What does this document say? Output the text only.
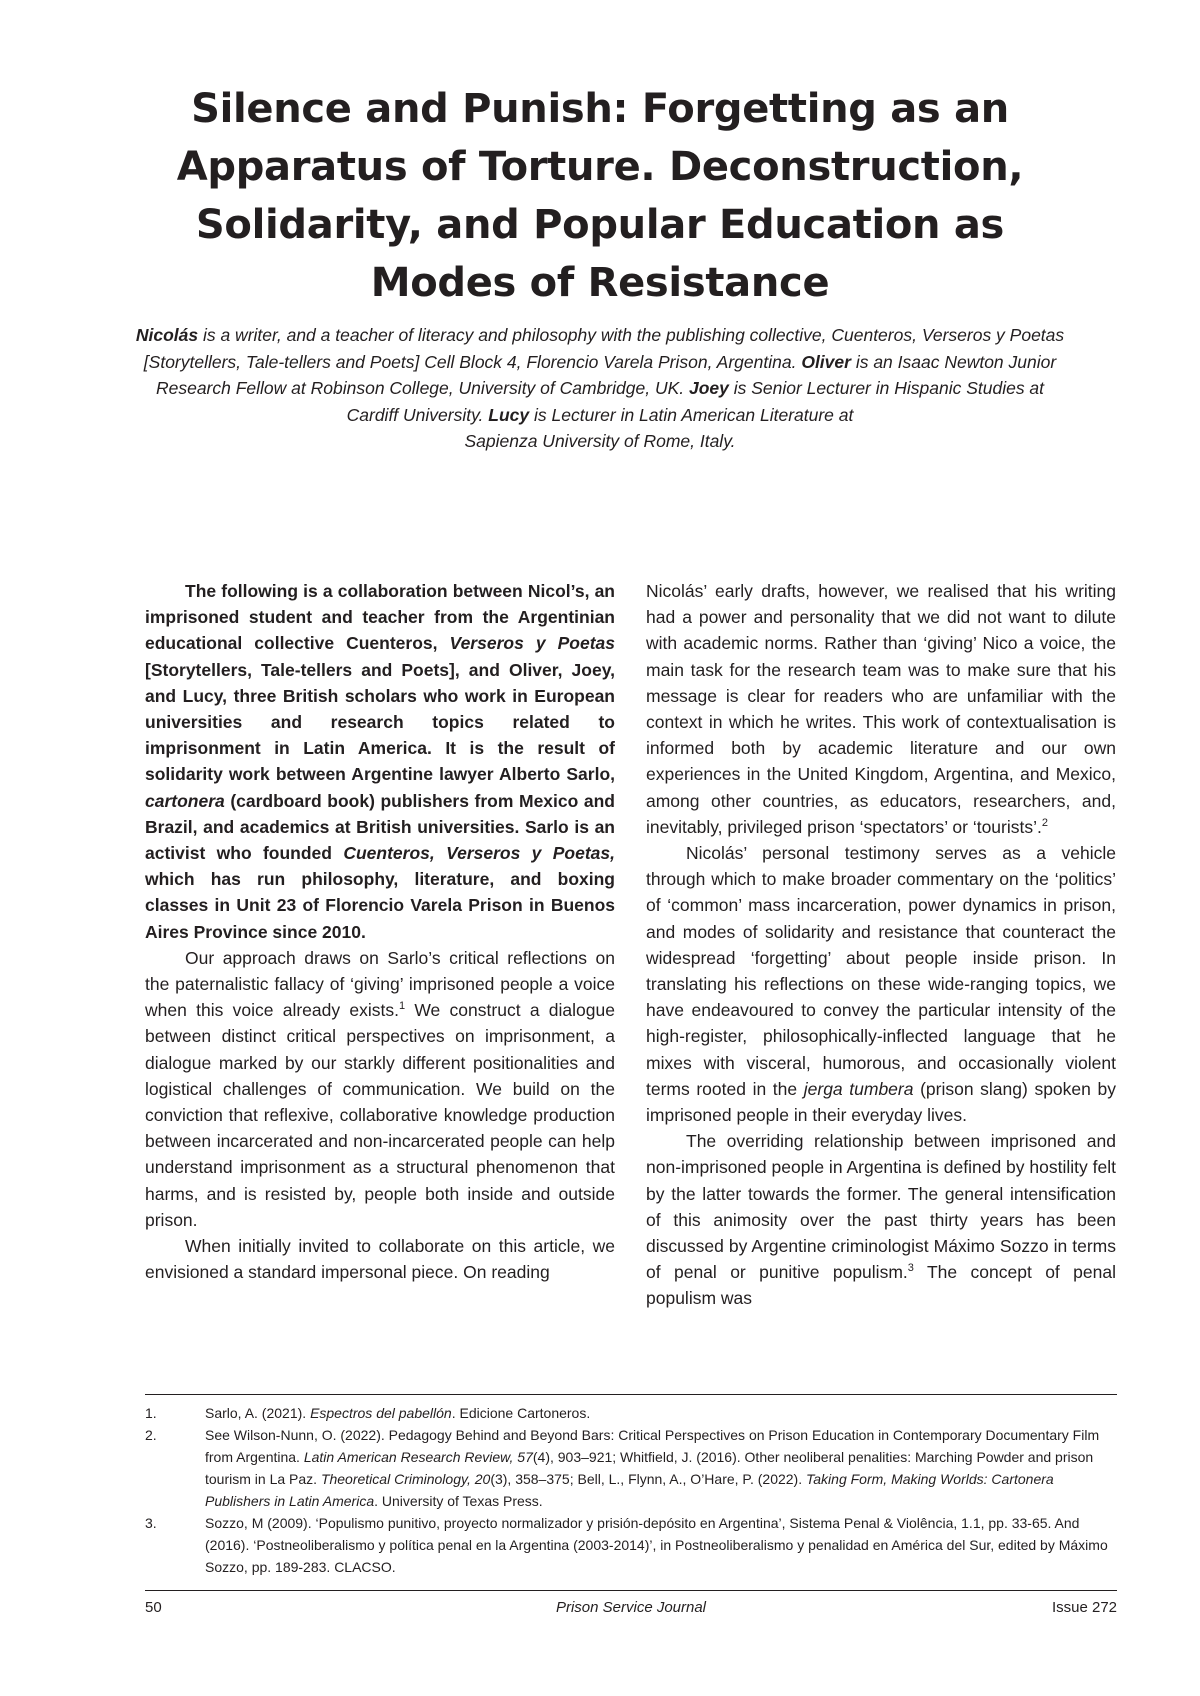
Silence and Punish: Forgetting as an
Apparatus of Torture. Deconstruction,
Solidarity, and Popular Education as
Modes of Resistance
Nicolás is a writer, and a teacher of literacy and philosophy with the publishing collective, Cuenteros, Verseros y Poetas [Storytellers, Tale-tellers and Poets] Cell Block 4, Florencio Varela Prison, Argentina. Oliver is an Isaac Newton Junior Research Fellow at Robinson College, University of Cambridge, UK. Joey is Senior Lecturer in Hispanic Studies at Cardiff University. Lucy is Lecturer in Latin American Literature at
Sapienza University of Rome, Italy.

The following is a collaboration between Nicol’s, an imprisoned student and teacher from the Argentinian educational collective Cuenteros, Verseros y Poetas [Storytellers, Tale-tellers and Poets], and Oliver, Joey, and Lucy, three British scholars who work in European universities and research topics related to imprisonment in Latin America. It is the result of solidarity work between Argentine lawyer Alberto Sarlo, cartonera (cardboard book) publishers from Mexico and Brazil, and academics at British universities. Sarlo is an activist who founded Cuenteros, Verseros y Poetas, which has run philosophy, literature, and boxing classes in Unit 23 of Florencio Varela Prison in Buenos Aires Province since 2010.

Our approach draws on Sarlo’s critical reflections on the paternalistic fallacy of ‘giving’ imprisoned people a voice when this voice already exists.$^1$ We construct a dialogue between distinct critical perspectives on imprisonment, a dialogue marked by our starkly different positionalities and logistical challenges of communication. We build on the conviction that reflexive, collaborative knowledge production between incarcerated and non-incarcerated people can help understand imprisonment as a structural phenomenon that harms, and is resisted by, people both inside and outside prison.

When initially invited to collaborate on this article, we envisioned a standard impersonal piece. On reading

Nicolás’ early drafts, however, we realised that his writing had a power and personality that we did not want to dilute with academic norms. Rather than ‘giving’ Nico a voice, the main task for the research team was to make sure that his message is clear for readers who are unfamiliar with the context in which he writes. This work of contextualisation is informed both by academic literature and our own experiences in the United Kingdom, Argentina, and Mexico, among other countries, as educators, researchers, and, inevitably, privileged prison ‘spectators’ or ‘tourists’.$^2$

Nicolás’ personal testimony serves as a vehicle through which to make broader commentary on the ‘politics’ of ‘common’ mass incarceration, power dynamics in prison, and modes of solidarity and resistance that counteract the widespread ‘forgetting’ about people inside prison. In translating his reflections on these wide-ranging topics, we have endeavoured to convey the particular intensity of the high-register, philosophically-inflected language that he mixes with visceral, humorous, and occasionally violent terms rooted in the jerga tumbera (prison slang) spoken by imprisoned people in their everyday lives.

The overriding relationship between imprisoned and non-imprisoned people in Argentina is defined by hostility felt by the latter towards the former. The general intensification of this animosity over the past thirty years has been discussed by Argentine criminologist Máximo Sozzo in terms of penal or punitive populism.$^3$ The concept of penal populism was

1.	Sarlo, A. (2021). Espectros del pabellón. Edicione Cartoneros.
2.	See Wilson-Nunn, O. (2022). Pedagogy Behind and Beyond Bars: Critical Perspectives on Prison Education in Contemporary Documentary Film from Argentina. Latin American Research Review, 57(4), 903–921; Whitfield, J. (2016). Other neoliberal penalities: Marching Powder and prison tourism in La Paz. Theoretical Criminology, 20(3), 358–375; Bell, L., Flynn, A., O’Hare, P. (2022). Taking Form, Making Worlds: Cartonera Publishers in Latin America. University of Texas Press.
3.	Sozzo, M (2009). ‘Populismo punitivo, proyecto normalizador y prisión-depósito en Argentina’, Sistema Penal & Violência, 1.1, pp. 33-65. And (2016). ‘Postneoliberalismo y política penal en la Argentina (2003-2014)’, in Postneoliberalismo y penalidad en América del Sur, edited by Máximo Sozzo, pp. 189-283. CLACSO.
50	Prison Service Journal	Issue 272
